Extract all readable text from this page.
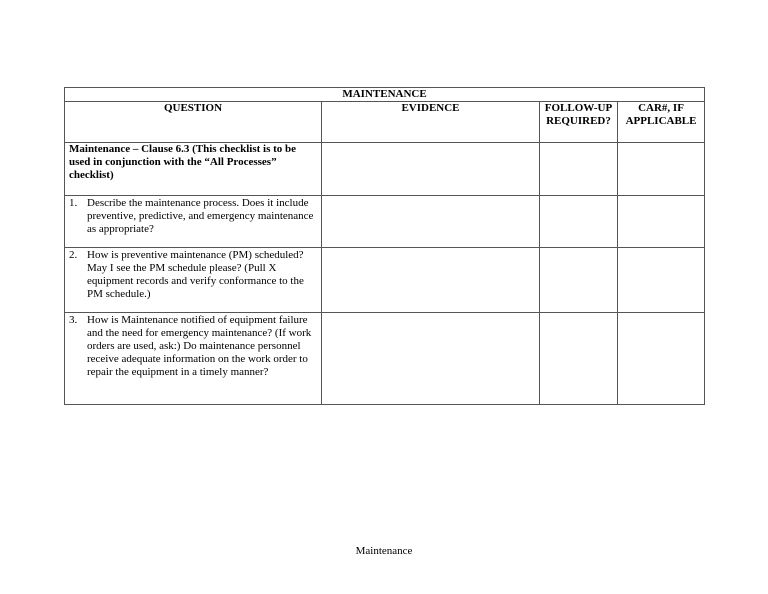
MAINTENANCE			
QUESTION	EVIDENCE	FOLLOW-UP REQUIRED?	CAR#, IF APPLICABLE
Maintenance – Clause 6.3 (This checklist is to be used in conjunction with the “All Processes” checklist)			

1. Describe the maintenance process. Does it include preventive, predictive, and emergency maintenance as appropriate?			

2. How is preventive maintenance (PM) scheduled? May I see the PM schedule please? (Pull X equipment records and verify conformance to the PM schedule.)			

3. How is Maintenance notified of equipment failure and the need for emergency maintenance? (If work orders are used, ask:) Do maintenance personnel receive adequate information on the work order to repair the equipment in a timely manner?			

Maintenance
